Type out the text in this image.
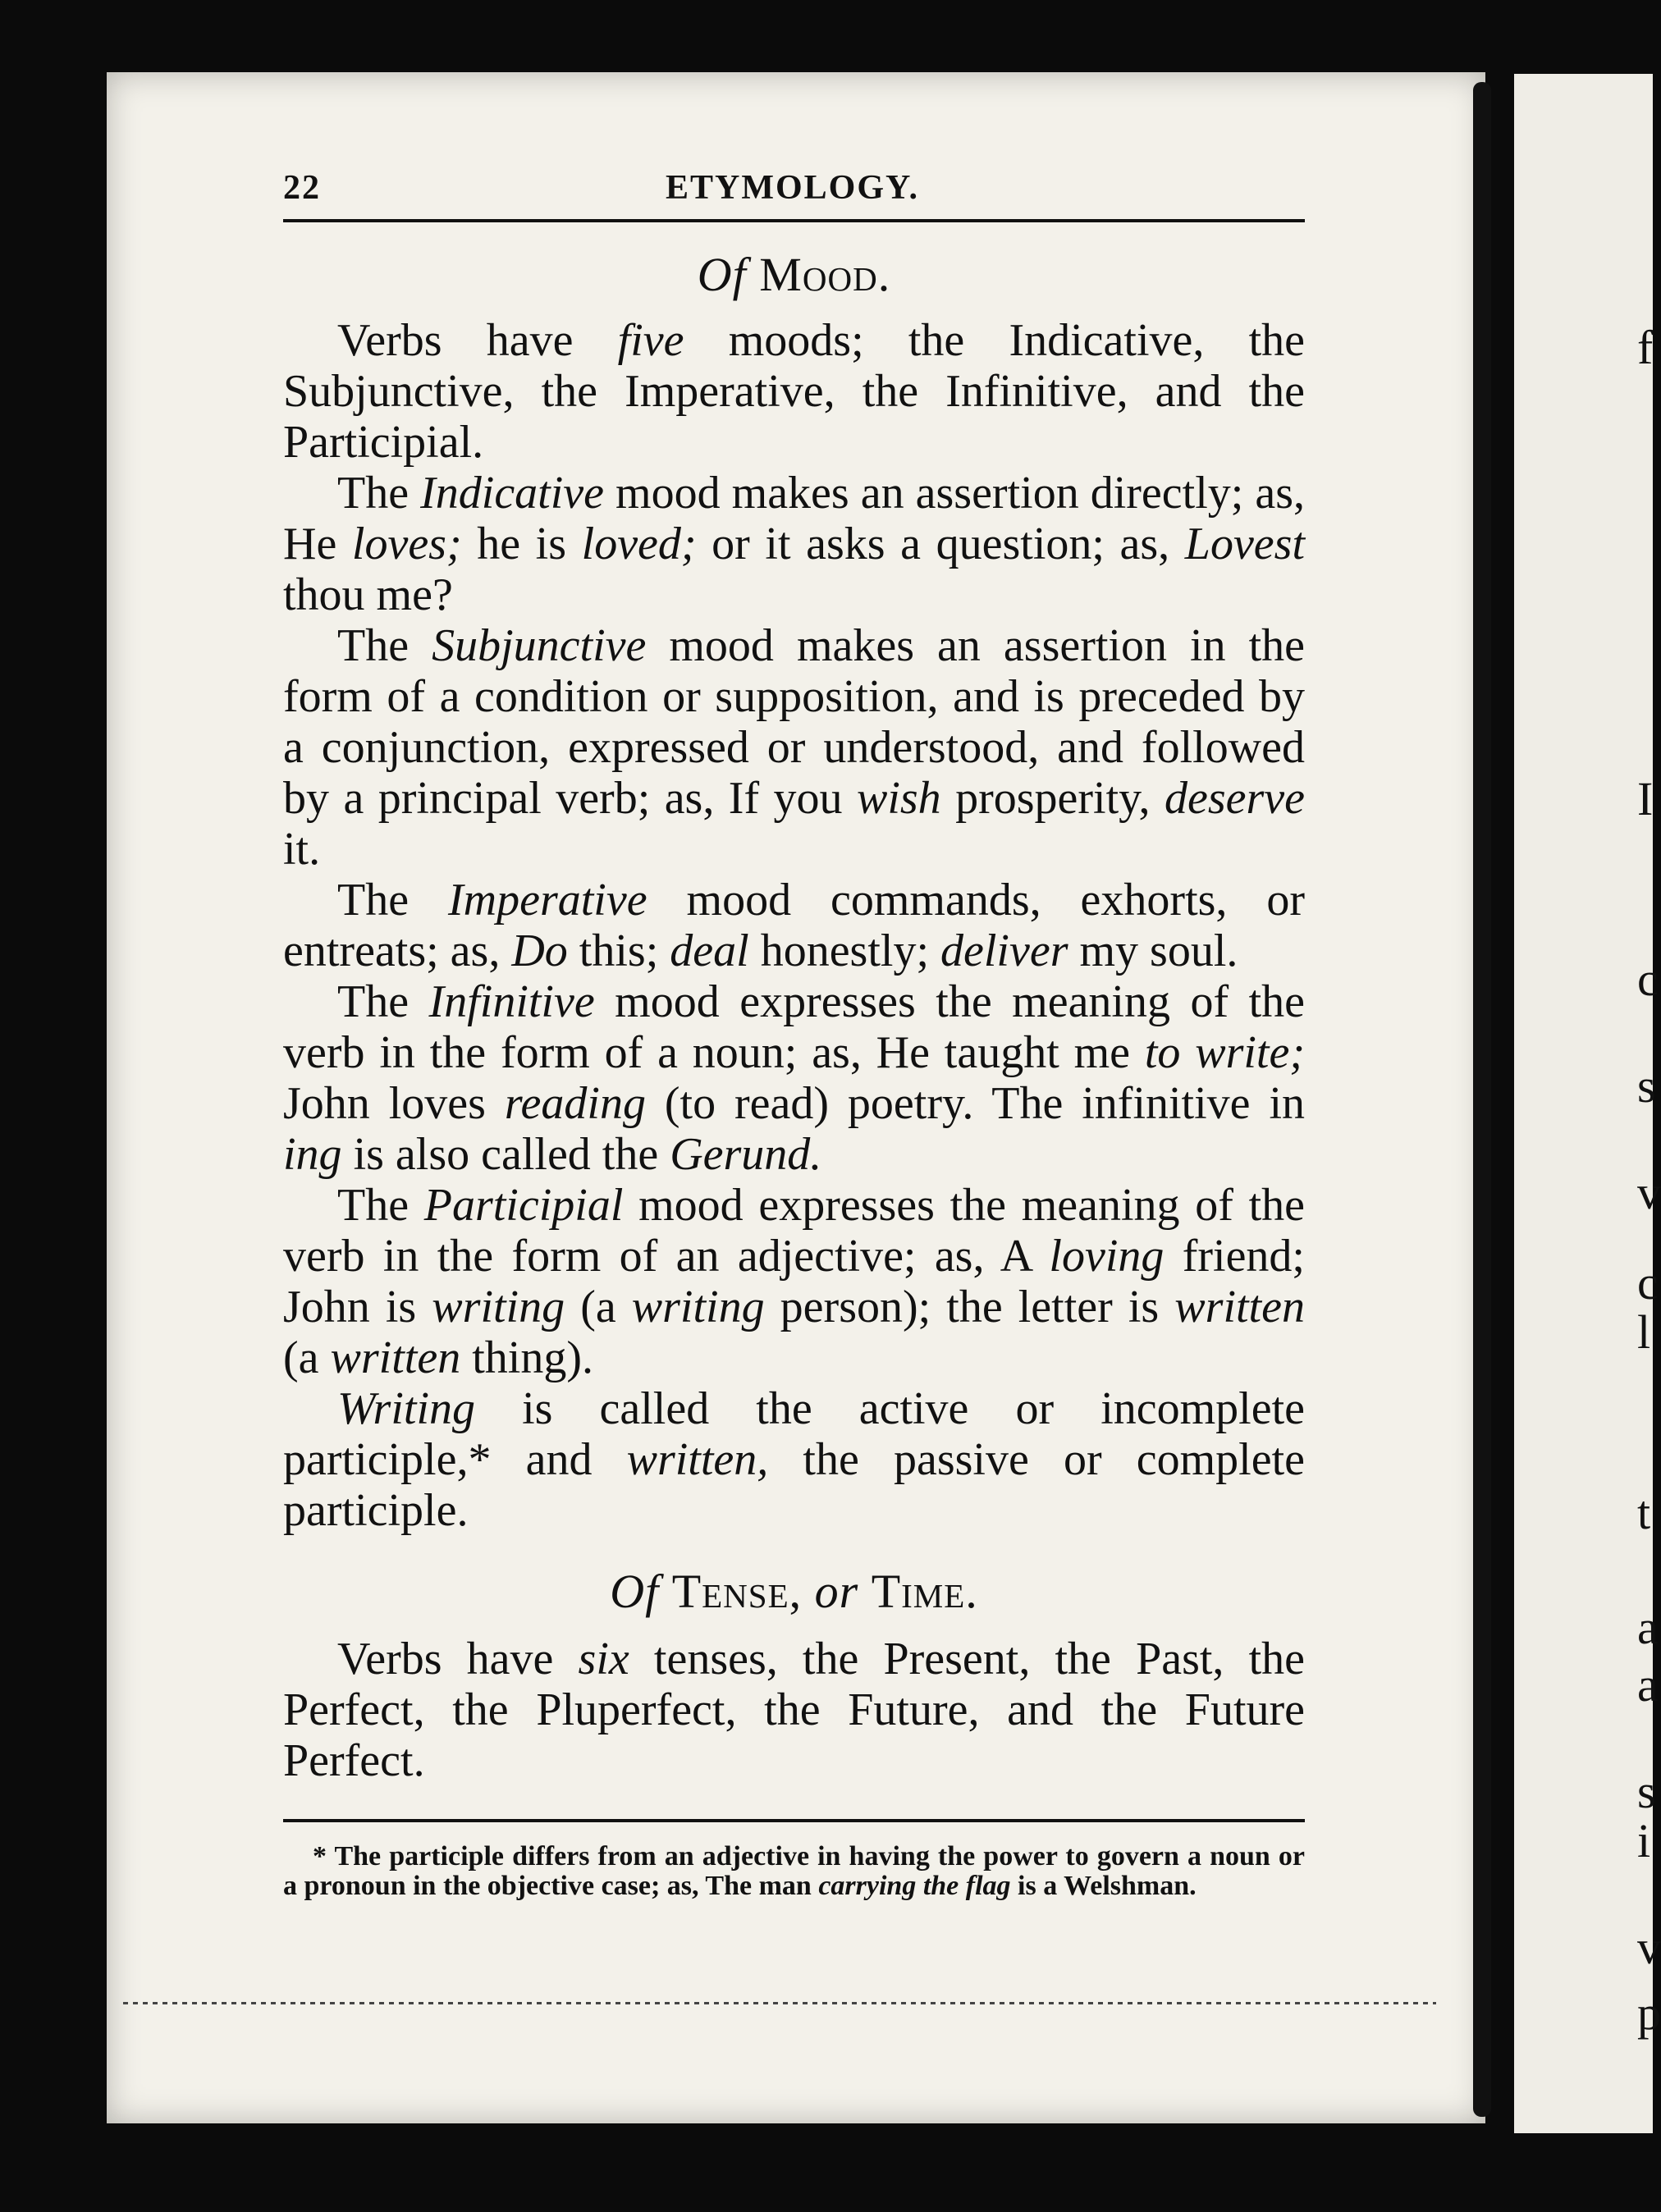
f
I
c
s
v
c
l
t
a
a
s
i
v
p
22	ETYMOLOGY.
Of Mood.

Verbs have five moods; the Indicative, the Subjunctive, the Imperative, the Infinitive, and the Participial.

The Indicative mood makes an assertion directly; as, He loves; he is loved; or it asks a question; as, Lovest thou me?

The Subjunctive mood makes an assertion in the form of a condition or supposition, and is preceded by a conjunction, expressed or understood, and followed by a principal verb; as, If you wish prosperity, deserve it.

The Imperative mood commands, exhorts, or entreats; as, Do this; deal honestly; deliver my soul.

The Infinitive mood expresses the meaning of the verb in the form of a noun; as, He taught me to write; John loves reading (to read) poetry. The infinitive in ing is also called the Gerund.

The Participial mood expresses the meaning of the verb in the form of an adjective; as, A loving friend; John is writing (a writing person); the letter is written (a written thing).

Writing is called the active or incomplete participle,* and written, the passive or complete participle.

Of Tense, or Time.

Verbs have six tenses, the Present, the Past, the Perfect, the Pluperfect, the Future, and the Future Perfect.

* The participle differs from an adjective in having the power to govern a noun or a pronoun in the objective case; as, The man carrying the flag is a Welshman.
